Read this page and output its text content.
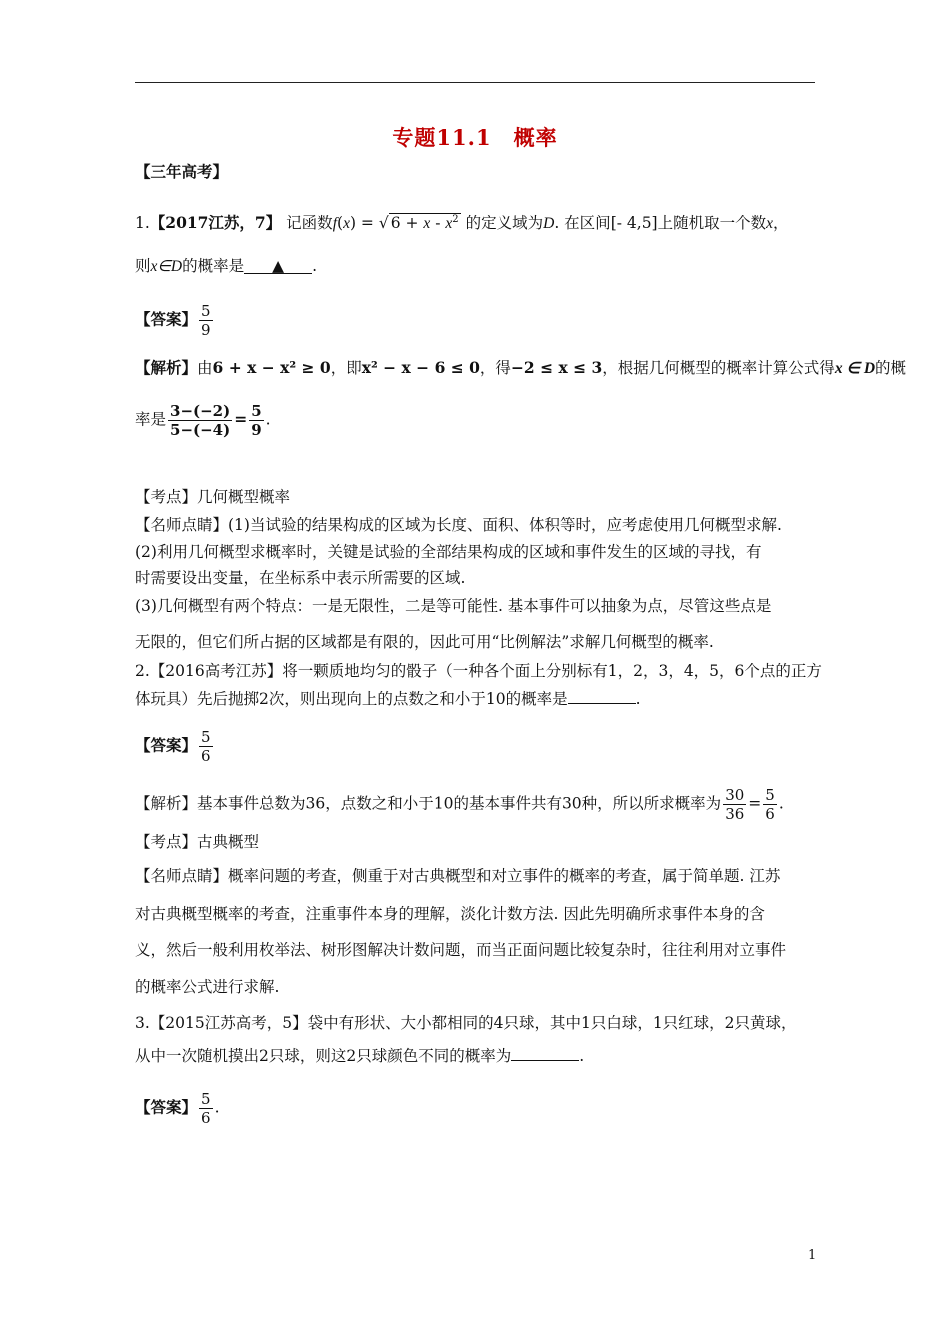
专题11.1　概率
【三年高考】
1.【2017江苏，7】 记函数f(x) = √ $6 + x - x^2$ 的定义域为D. 在区间[- 4,5]上随机取一个数x，
则x∈D的概率是 ▲ .
【答案】 $\frac{5}{9}$
【解析】由6 + x − x² ≥ 0，即x² − x − 6 ≤ 0，得−2 ≤ x ≤ 3，根据几何概型的概率计算公式得x ∈ D的概
率是 $\frac{3-(-2)}{5-(-4)} = \frac{5}{9}$ .
【考点】几何概型概率
【名师点睛】(1)当试验的结果构成的区域为长度、面积、体积等时，应考虑使用几何概型求解.
(2)利用几何概型求概率时，关键是试验的全部结果构成的区域和事件发生的区域的寻找，有
时需要设出变量，在坐标系中表示所需要的区域.
(3)几何概型有两个特点：一是无限性，二是等可能性. 基本事件可以抽象为点，尽管这些点是
无限的，但它们所占据的区域都是有限的，因此可用“比例解法”求解几何概型的概率.
2.【2016高考江苏】将一颗质地均匀的骰子（一种各个面上分别标有1，2，3，4，5，6个点的正方
体玩具）先后抛掷2次，则出现向上的点数之和小于10的概率是	.
【答案】 $\frac{5}{6}$
【解析】基本事件总数为36，点数之和小于10的基本事件共有30种，所以所求概率为 $\frac{30}{36} = \frac{5}{6}$ .
【考点】古典概型
【名师点睛】概率问题的考查，侧重于对古典概型和对立事件的概率的考查，属于简单题. 江苏
对古典概型概率的考查，注重事件本身的理解，淡化计数方法. 因此先明确所求事件本身的含
义，然后一般利用枚举法、树形图解决计数问题，而当正面问题比较复杂时，往往利用对立事件
的概率公式进行求解.
3.【2015江苏高考，5】袋中有形状、大小都相同的4只球，其中1只白球，1只红球，2只黄球，
从中一次随机摸出2只球，则这2只球颜色不同的概率为	.
【答案】 $\frac{5}{6}$ .
1
